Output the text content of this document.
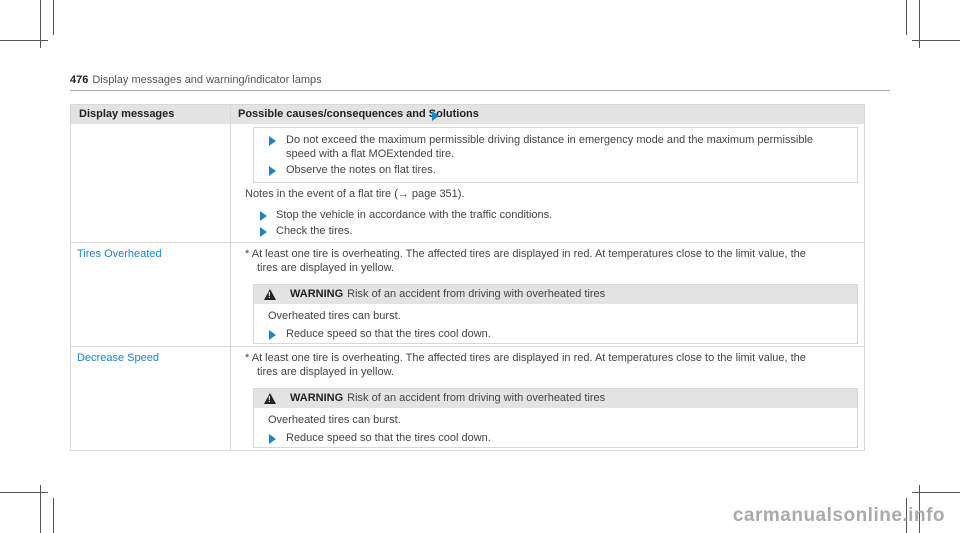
476 Display messages and warning/indicator lamps
Display messages	Possible causes/consequences and Solutions
Do not exceed the maximum permissible driving distance in emergency mode and the maximum permissible
speed with a flat MOExtended tire.
Observe the notes on flat tires.
Notes in the event of a flat tire (→ page 351).
Stop the vehicle in accordance with the traffic conditions.
Check the tires.
Tires Overheated	* At least one tire is overheating. The affected tires are displayed in red. At temperatures close to the limit value, the
tires are displayed in yellow.
!
WARNING Risk of an accident from driving with overheated tires
Overheated tires can burst.
Reduce speed so that the tires cool down.
Decrease Speed	* At least one tire is overheating. The affected tires are displayed in red. At temperatures close to the limit value, the
tires are displayed in yellow.
!
WARNING Risk of an accident from driving with overheated tires
Overheated tires can burst.
Reduce speed so that the tires cool down.
carmanualsonline.info
